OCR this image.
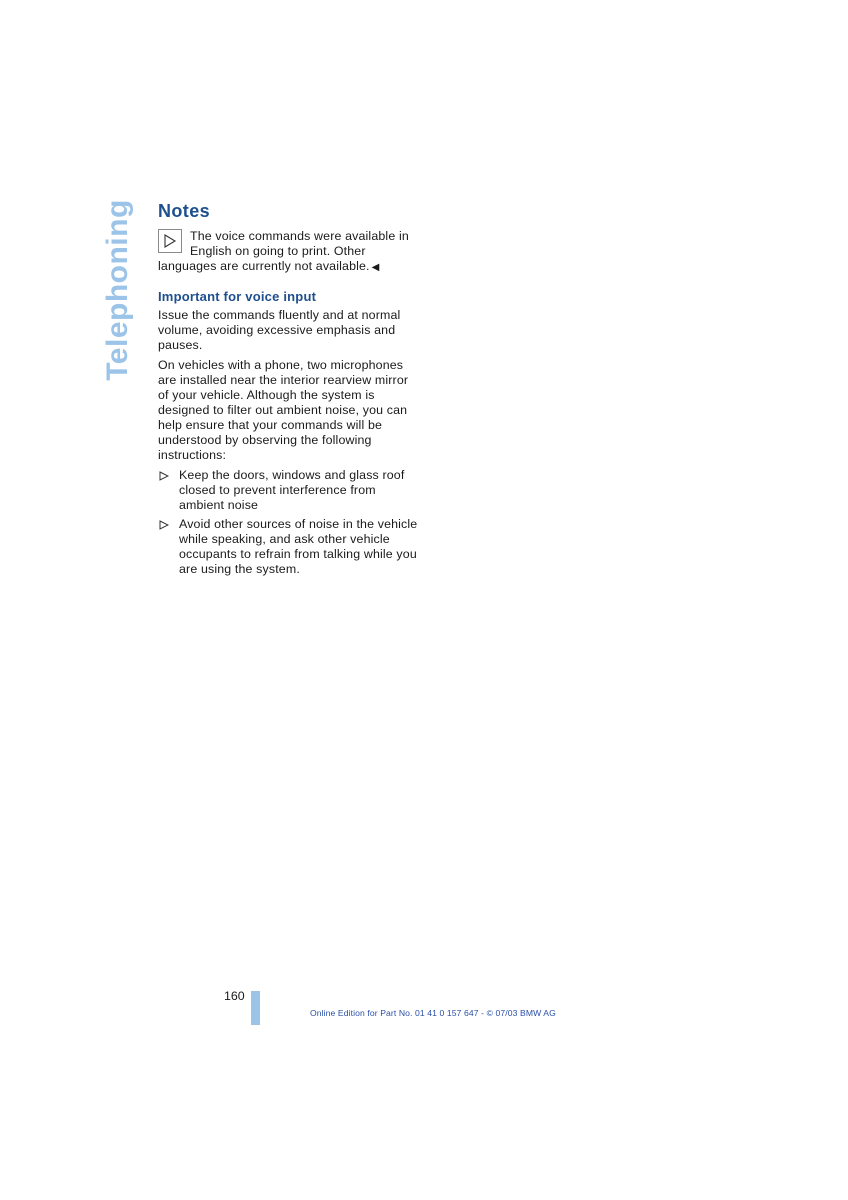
Telephoning Notes

The voice commands were available in English on going to print. Other languages are currently not available. ◀

Important for voice input

Issue the commands fluently and at normal volume, avoiding excessive emphasis and pauses.

On vehicles with a phone, two microphones are installed near the interior rearview mirror of your vehicle. Although the system is designed to filter out ambient noise, you can help ensure that your commands will be understood by observing the following instructions:

Keep the doors, windows and glass roof closed to prevent interference from ambient noise
Avoid other sources of noise in the vehicle while speaking, and ask other vehicle occupants to refrain from talking while you are using the system.
160
Online Edition for Part No. 01 41 0 157 647 - © 07/03 BMW AG
